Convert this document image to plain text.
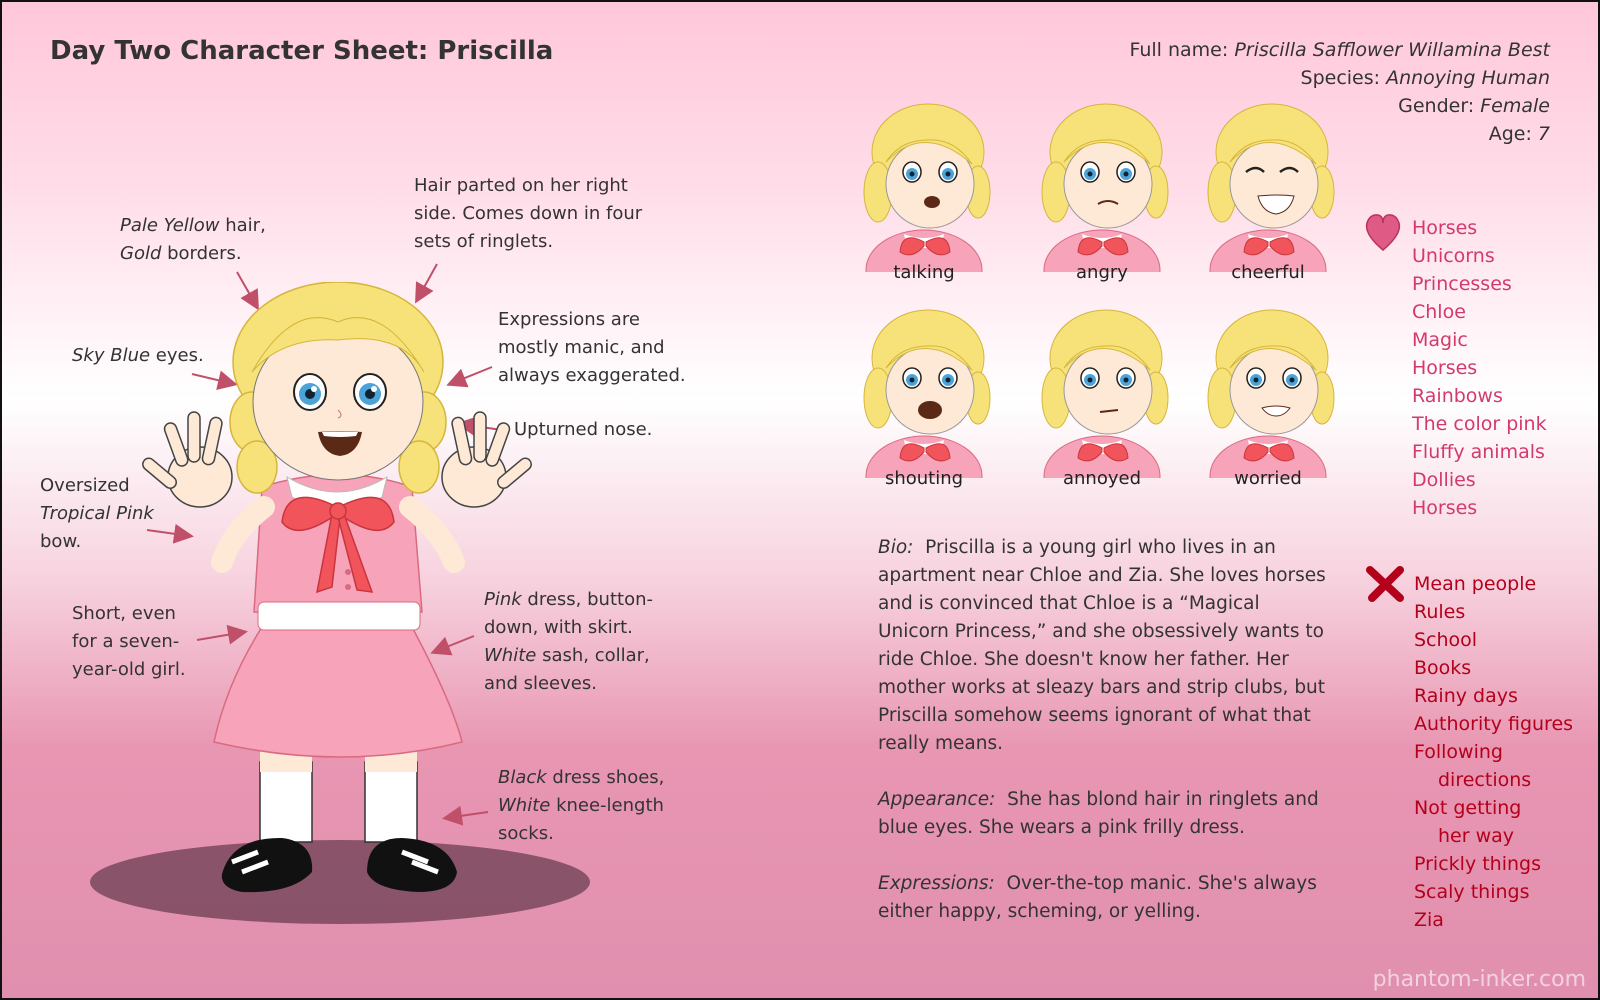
Day Two Character Sheet: Priscilla	Full name: Priscilla Safflower Willamina Best
Species: Annoying Human
Gender: Female
Age: 7
Pale Yellow hair,
Gold borders.
Hair parted on her right
side. Comes down in four
sets of ringlets.
Sky Blue eyes.
Expressions are
mostly manic, and
always exaggerated.
Upturned nose.
Oversized
Tropical Pink
bow.
Short, even
for a seven-
year-old girl.
Pink dress, button-
down, with skirt.
White sash, collar,
and sleeves.
Black dress shoes,
White knee-length
socks.
talking	angry	cheerful
shouting	annoyed	worried
Horses
Unicorns
Princesses
Chloe
Magic
Horses
Rainbows
The color pink
Fluffy animals
Dollies
Horses
Mean people
Rules
School
Books
Rainy days
Authority figures
Following
directions
Not getting
her way
Prickly things
Scaly things
Zia

Bio: Priscilla is a young girl who lives in an apartment near Chloe and Zia. She loves horses and is convinced that Chloe is a “Magical Unicorn Princess,” and she obsessively wants to ride Chloe. She doesn't know her father. Her mother works at sleazy bars and strip clubs, but Priscilla somehow seems ignorant of what that really means.

Appearance: She has blond hair in ringlets and blue eyes. She wears a pink frilly dress.

Expressions: Over-the-top manic. She's always either happy, scheming, or yelling.

phantom-inker.com
